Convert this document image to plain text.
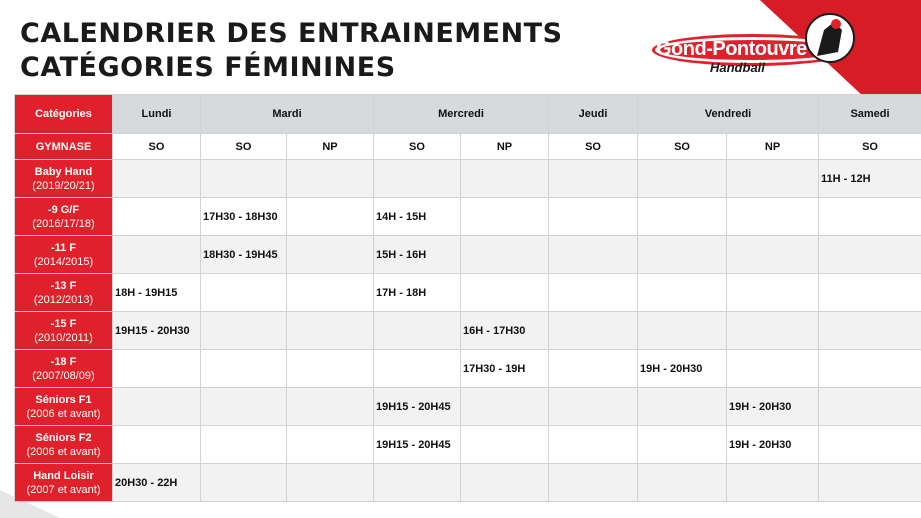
CALENDRIER DES ENTRAINEMENTS
CATÉGORIES FÉMININES
Gond-Pontouvre
Handball
Catégories	Lundi	Mardi		Mercredi		Jeudi	Vendredi		Samedi
GYMNASE	SO	SO	NP	SO	NP	SO	SO	NP	SO

Baby Hand
(2019/20/21)									11H - 12H

-9 G/F
(2016/17/18)		17H30 - 18H30		14H - 15H					

-11 F
(2014/2015)		18H30 - 19H45		15H - 16H					

-13 F
(2012/2013)	18H - 19H15			17H - 18H					

-15 F
(2010/2011)	19H15 - 20H30				16H - 17H30				

-18 F
(2007/08/09)					17H30 - 19H		19H - 20H30		

Séniors F1
(2006 et avant)				19H15 - 20H45				19H - 20H30	

Séniors F2
(2006 et avant)				19H15 - 20H45				19H - 20H30	

Hand Loisir
(2007 et avant)	20H30 - 22H								
